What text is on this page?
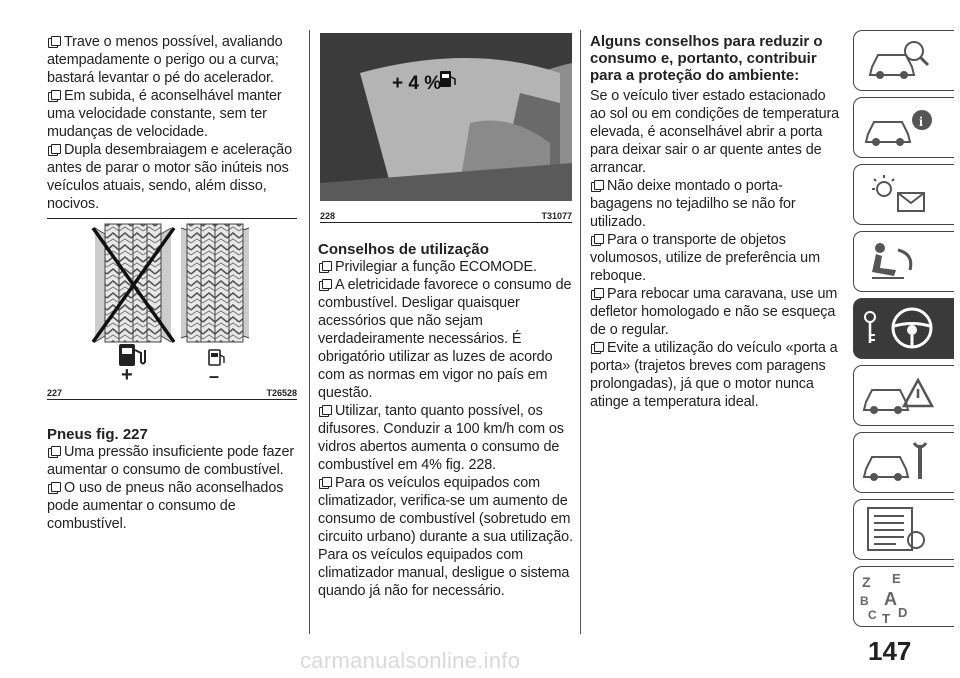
Trave o menos possível, avaliando atempadamente o perigo ou a curva; bastará levantar o pé do acelerador.

Em subida, é aconselhável manter uma velocidade constante, sem ter mudanças de velocidade.

Dupla desembraiagem e aceleração antes de parar o motor são inúteis nos veículos atuais, sendo, além disso, nocivos.

+	–
227	T26528
Pneus fig. 227

Uma pressão insuficiente pode fazer aumentar o consumo de combustível.

O uso de pneus não aconselhados pode aumentar o consumo de combustível.

+ 4 %
228	T31077
Conselhos de utilização

Privilegiar a função ECOMODE.

A eletricidade favorece o consumo de combustível. Desligar quaisquer acessórios que não sejam verdadeiramente necessários. É obrigatório utilizar as luzes de acordo com as normas em vigor no país em questão.

Utilizar, tanto quanto possível, os difusores. Conduzir a 100 km/h com os vidros abertos aumenta o consumo de combustível em 4% fig. 228.

Para os veículos equipados com climatizador, verifica-se um aumento de consumo de combustível (sobretudo em circuito urbano) durante a sua utilização. Para os veículos equipados com climatizador manual, desligue o sistema quando já não for necessário.

Alguns conselhos para reduzir o consumo e, portanto, contribuir para a proteção do ambiente:

Se o veículo tiver estado estacionado ao sol ou em condições de temperatura elevada, é aconselhável abrir a porta para deixar sair o ar quente antes de arrancar.

Não deixe montado o porta-bagagens no tejadilho se não for utilizado.

Para o transporte de objetos volumosos, utilize de preferência um reboque.

Para rebocar uma caravana, use um defletor homologado e não se esqueça de o regular.

Evite a utilização do veículo «porta a porta» (trajetos breves com paragens prolongadas), já que o motor nunca atinge a temperatura ideal.

i
Z E
B A
C T D
147
carmanualsonline.info
